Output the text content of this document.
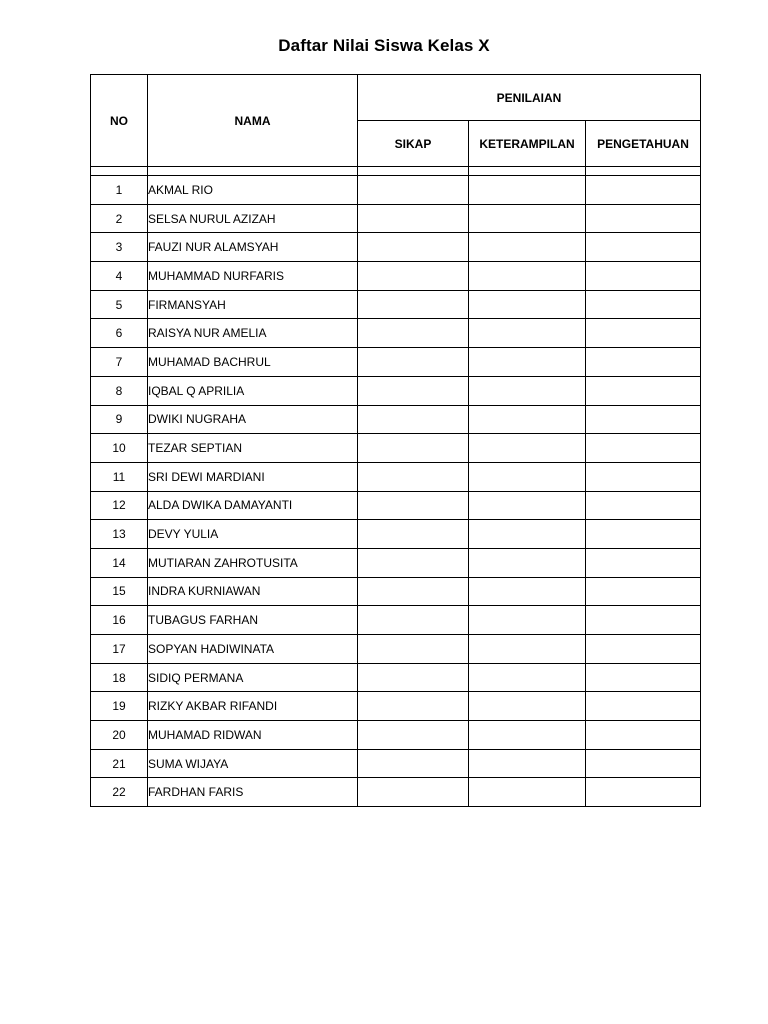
Daftar Nilai Siswa Kelas X
NO	NAMA	PENILAIAN		
		SIKAP	KETERAMPILAN	PENGETAHUAN

1	AKMAL RIO			
2	SELSA NURUL AZIZAH			
3	FAUZI NUR ALAMSYAH			
4	MUHAMMAD NURFARIS			
5	FIRMANSYAH			
6	RAISYA NUR AMELIA			
7	MUHAMAD BACHRUL			
8	IQBAL Q APRILIA			
9	DWIKI NUGRAHA			
10	TEZAR SEPTIAN			
11	SRI DEWI MARDIANI			
12	ALDA DWIKA DAMAYANTI			
13	DEVY YULIA			
14	MUTIARAN ZAHROTUSITA			
15	INDRA KURNIAWAN			
16	TUBAGUS FARHAN			
17	SOPYAN HADIWINATA			
18	SIDIQ PERMANA			
19	RIZKY AKBAR RIFANDI			
20	MUHAMAD RIDWAN			
21	SUMA WIJAYA			
22	FARDHAN FARIS			
